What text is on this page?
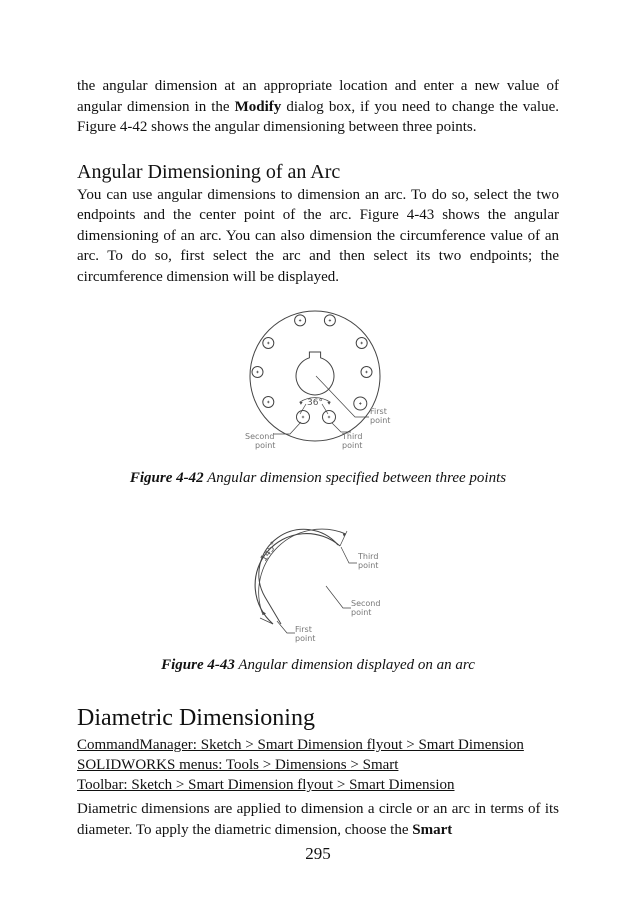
the angular dimension at an appropriate location and enter a new value of angular dimension in the Modify dialog box, if you need to change the value. Figure 4-42 shows the angular dimensioning between three points.

Angular Dimensioning of an Arc

You can use angular dimensions to dimension an arc. To do so, select the two endpoints and the center point of the arc. Figure 4-43 shows the angular dimensioning of an arc. You can also dimension the circumference value of an arc. To do so, first select the arc and then select its two endpoints; the circumference dimension will be displayed.

36°
First
point
Second
point
Third
point
Figure 4-42 Angular dimension specified between three points
145°	Third
point
Second
point
First
point
Figure 4-43 Angular dimension displayed on an arc
Diametric Dimensioning
CommandManager: Sketch > Smart Dimension flyout > Smart Dimension
SOLIDWORKS menus: Tools > Dimensions > Smart
Toolbar: Sketch > Smart Dimension flyout > Smart Dimension

Diametric dimensions are applied to dimension a circle or an arc in terms of its diameter. To apply the diametric dimension, choose the Smart

295
